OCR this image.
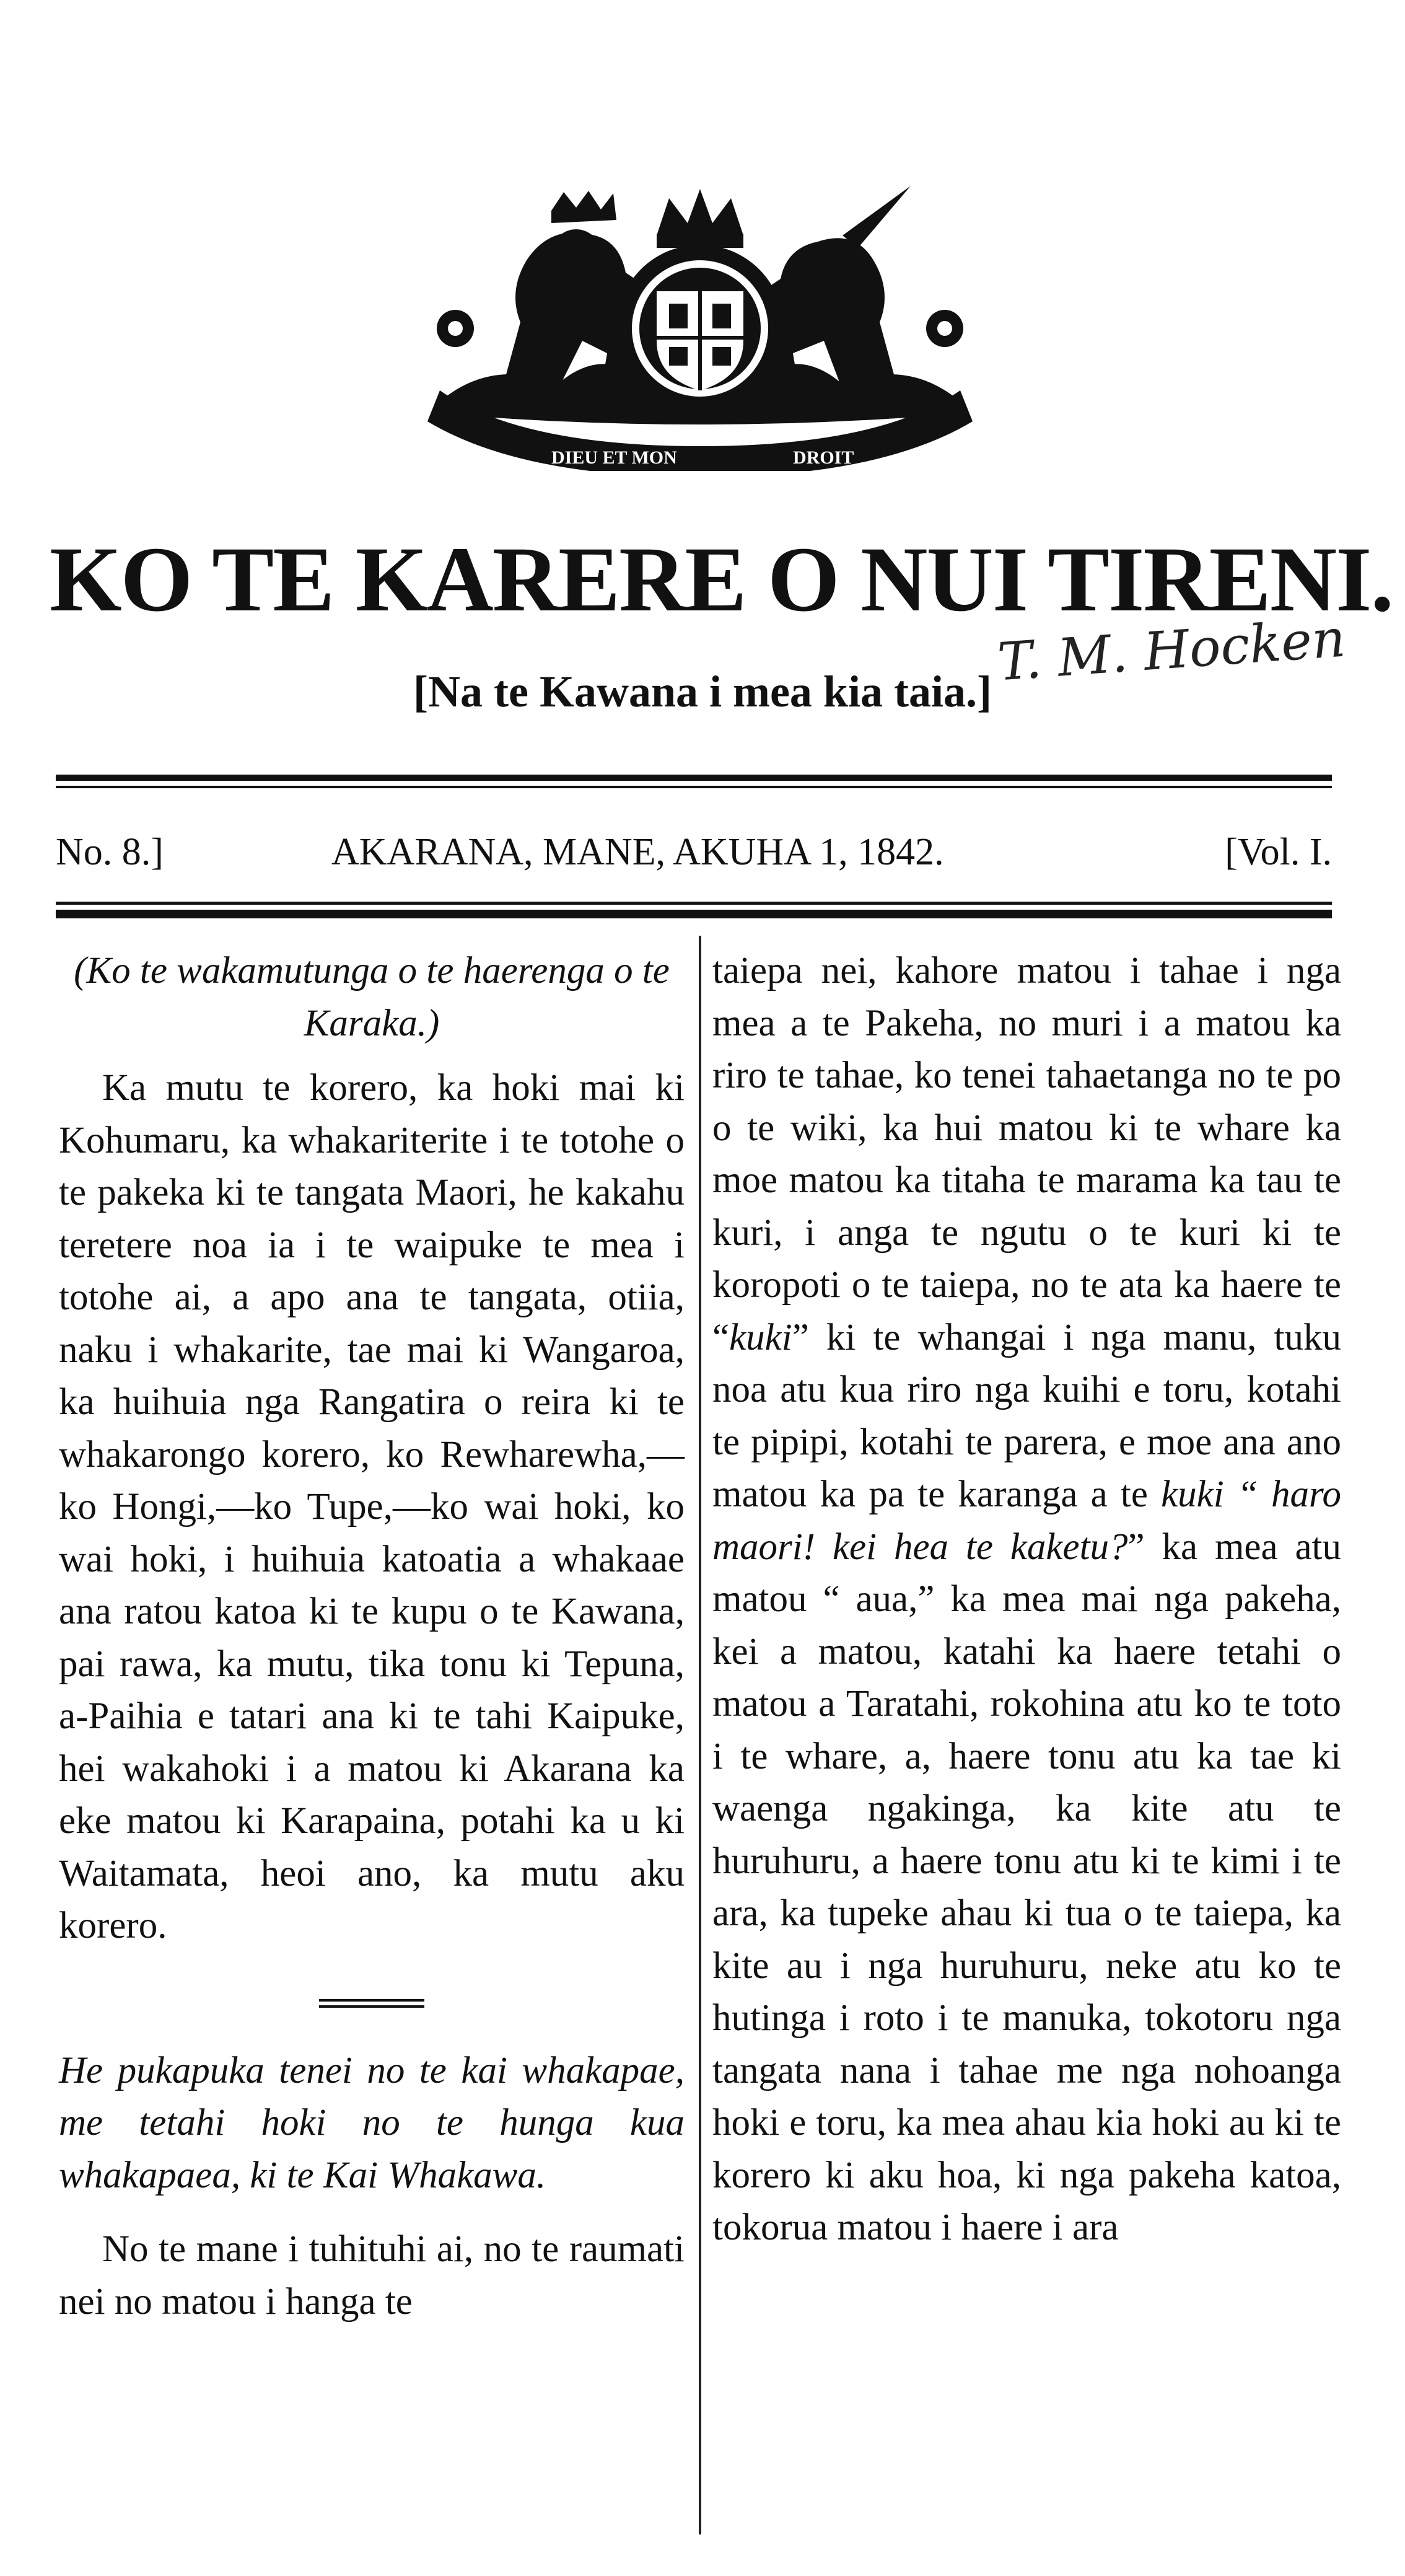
DIEU ET MON	DROIT
KO TE KARERE O NUI TIRENI.
T. M. Hocken
[Na te Kawana i mea kia taia.]
No. 8.]	AKARANA, MANE, AKUHA 1, 1842.	[Vol. I.

(Ko te wakamutunga o te haerenga o te Karaka.)

Ka mutu te korero, ka hoki mai ki Kohumaru, ka whakariterite i te totohe o te pakeka ki te tangata Maori, he kakahu teretere noa ia i te waipuke te mea i totohe ai, a apo ana te tangata, otiia, naku i whakarite, tae mai ki Wangaroa, ka huihuia nga Rangatira o reira ki te whakarongo korero, ko Rewharewha,—ko Hongi,—ko Tupe,—ko wai hoki, ko wai hoki, i huihuia katoatia a whakaae ana ratou katoa ki te kupu o te Kawana, pai rawa, ka mutu, tika tonu ki Tepuna, a-Paihia e tatari ana ki te tahi Kaipuke, hei wakahoki i a matou ki Akarana ka eke matou ki Karapaina, potahi ka u ki Waitamata, heoi ano, ka mutu aku korero.

He pukapuka tenei no te kai whakapae, me tetahi hoki no te hunga kua whakapaea, ki te Kai Whakawa.

No te mane i tuhituhi ai, no te raumati nei no matou i hanga te

taiepa nei, kahore matou i tahae i nga mea a te Pakeha, no muri i a matou ka riro te tahae, ko tenei tahaetanga no te po o te wiki, ka hui matou ki te whare ka moe matou ka titaha te marama ka tau te kuri, i anga te ngutu o te kuri ki te koropoti o te taiepa, no te ata ka haere te “kuki” ki te whangai i nga manu, tuku noa atu kua riro nga kuihi e toru, kotahi te pipipi, kotahi te parera, e moe ana ano matou ka pa te karanga a te kuki “ haro maori! kei hea te kaketu?” ka mea atu matou “ aua,” ka mea mai nga pakeha, kei a matou, katahi ka haere tetahi o matou a Taratahi, rokohina atu ko te toto i te whare, a, haere tonu atu ka tae ki waenga ngakinga, ka kite atu te huruhuru, a haere tonu atu ki te kimi i te ara, ka tupeke ahau ki tua o te taiepa, ka kite au i nga huruhuru, neke atu ko te hutinga i roto i te manuka, tokotoru nga tangata nana i tahae me nga nohoanga hoki e toru, ka mea ahau kia hoki au ki te korero ki aku hoa, ki nga pakeha katoa, tokorua matou i haere i ara
